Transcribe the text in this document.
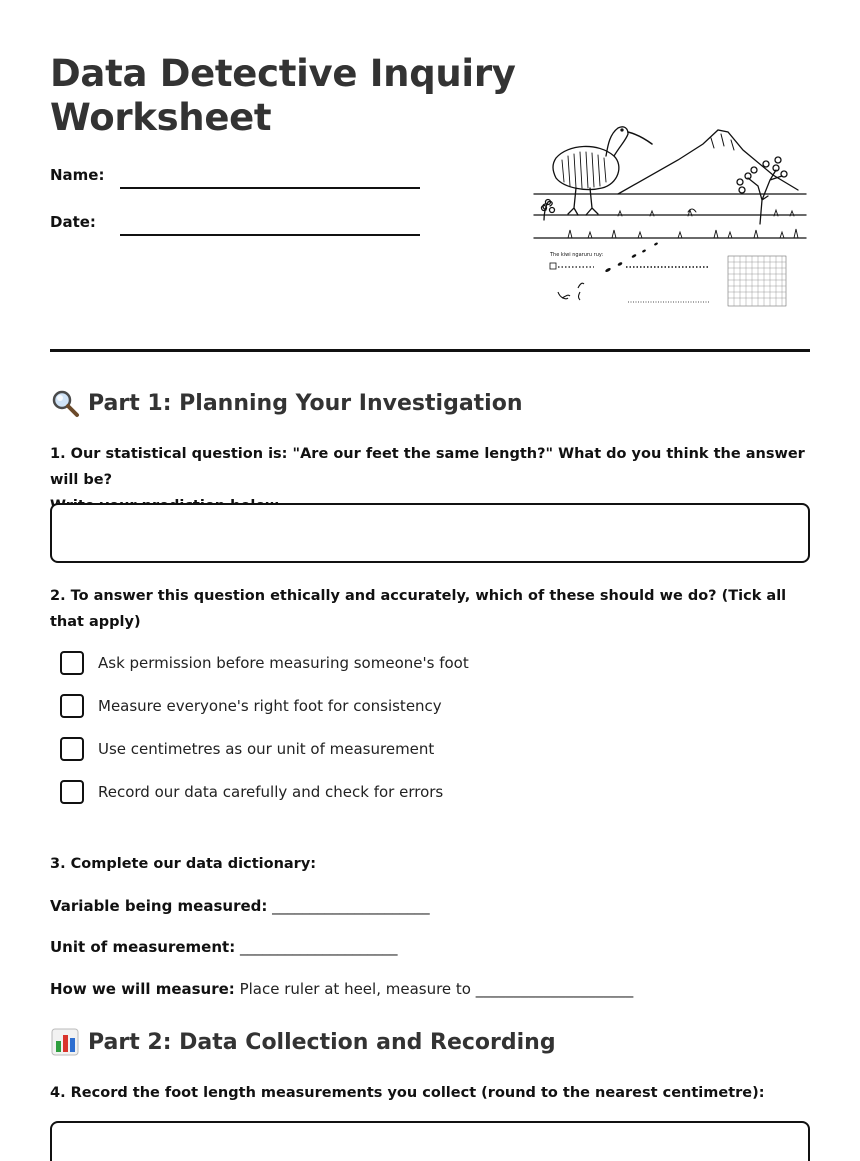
Data Detective Inquiry
Worksheet
Name:
Date:
The kiwi ngaruru ruy:
Part 1: Planning Your Investigation
1. Our statistical question is: "Are our feet the same length?" What do you think the answer will be?
2. To answer this question ethically and accurately, which of these should we do? (Tick all that apply)
Ask permission before measuring someone's foot
Measure everyone's right foot for consistency
Use centimetres as our unit of measurement
Record our data carefully and check for errors
3. Complete our data dictionary:
Variable being measured: _____________________
Unit of measurement: _____________________
How we will measure: Place ruler at heel, measure to _____________________
Part 2: Data Collection and Recording
4. Record the foot length measurements you collect (round to the nearest centimetre):
